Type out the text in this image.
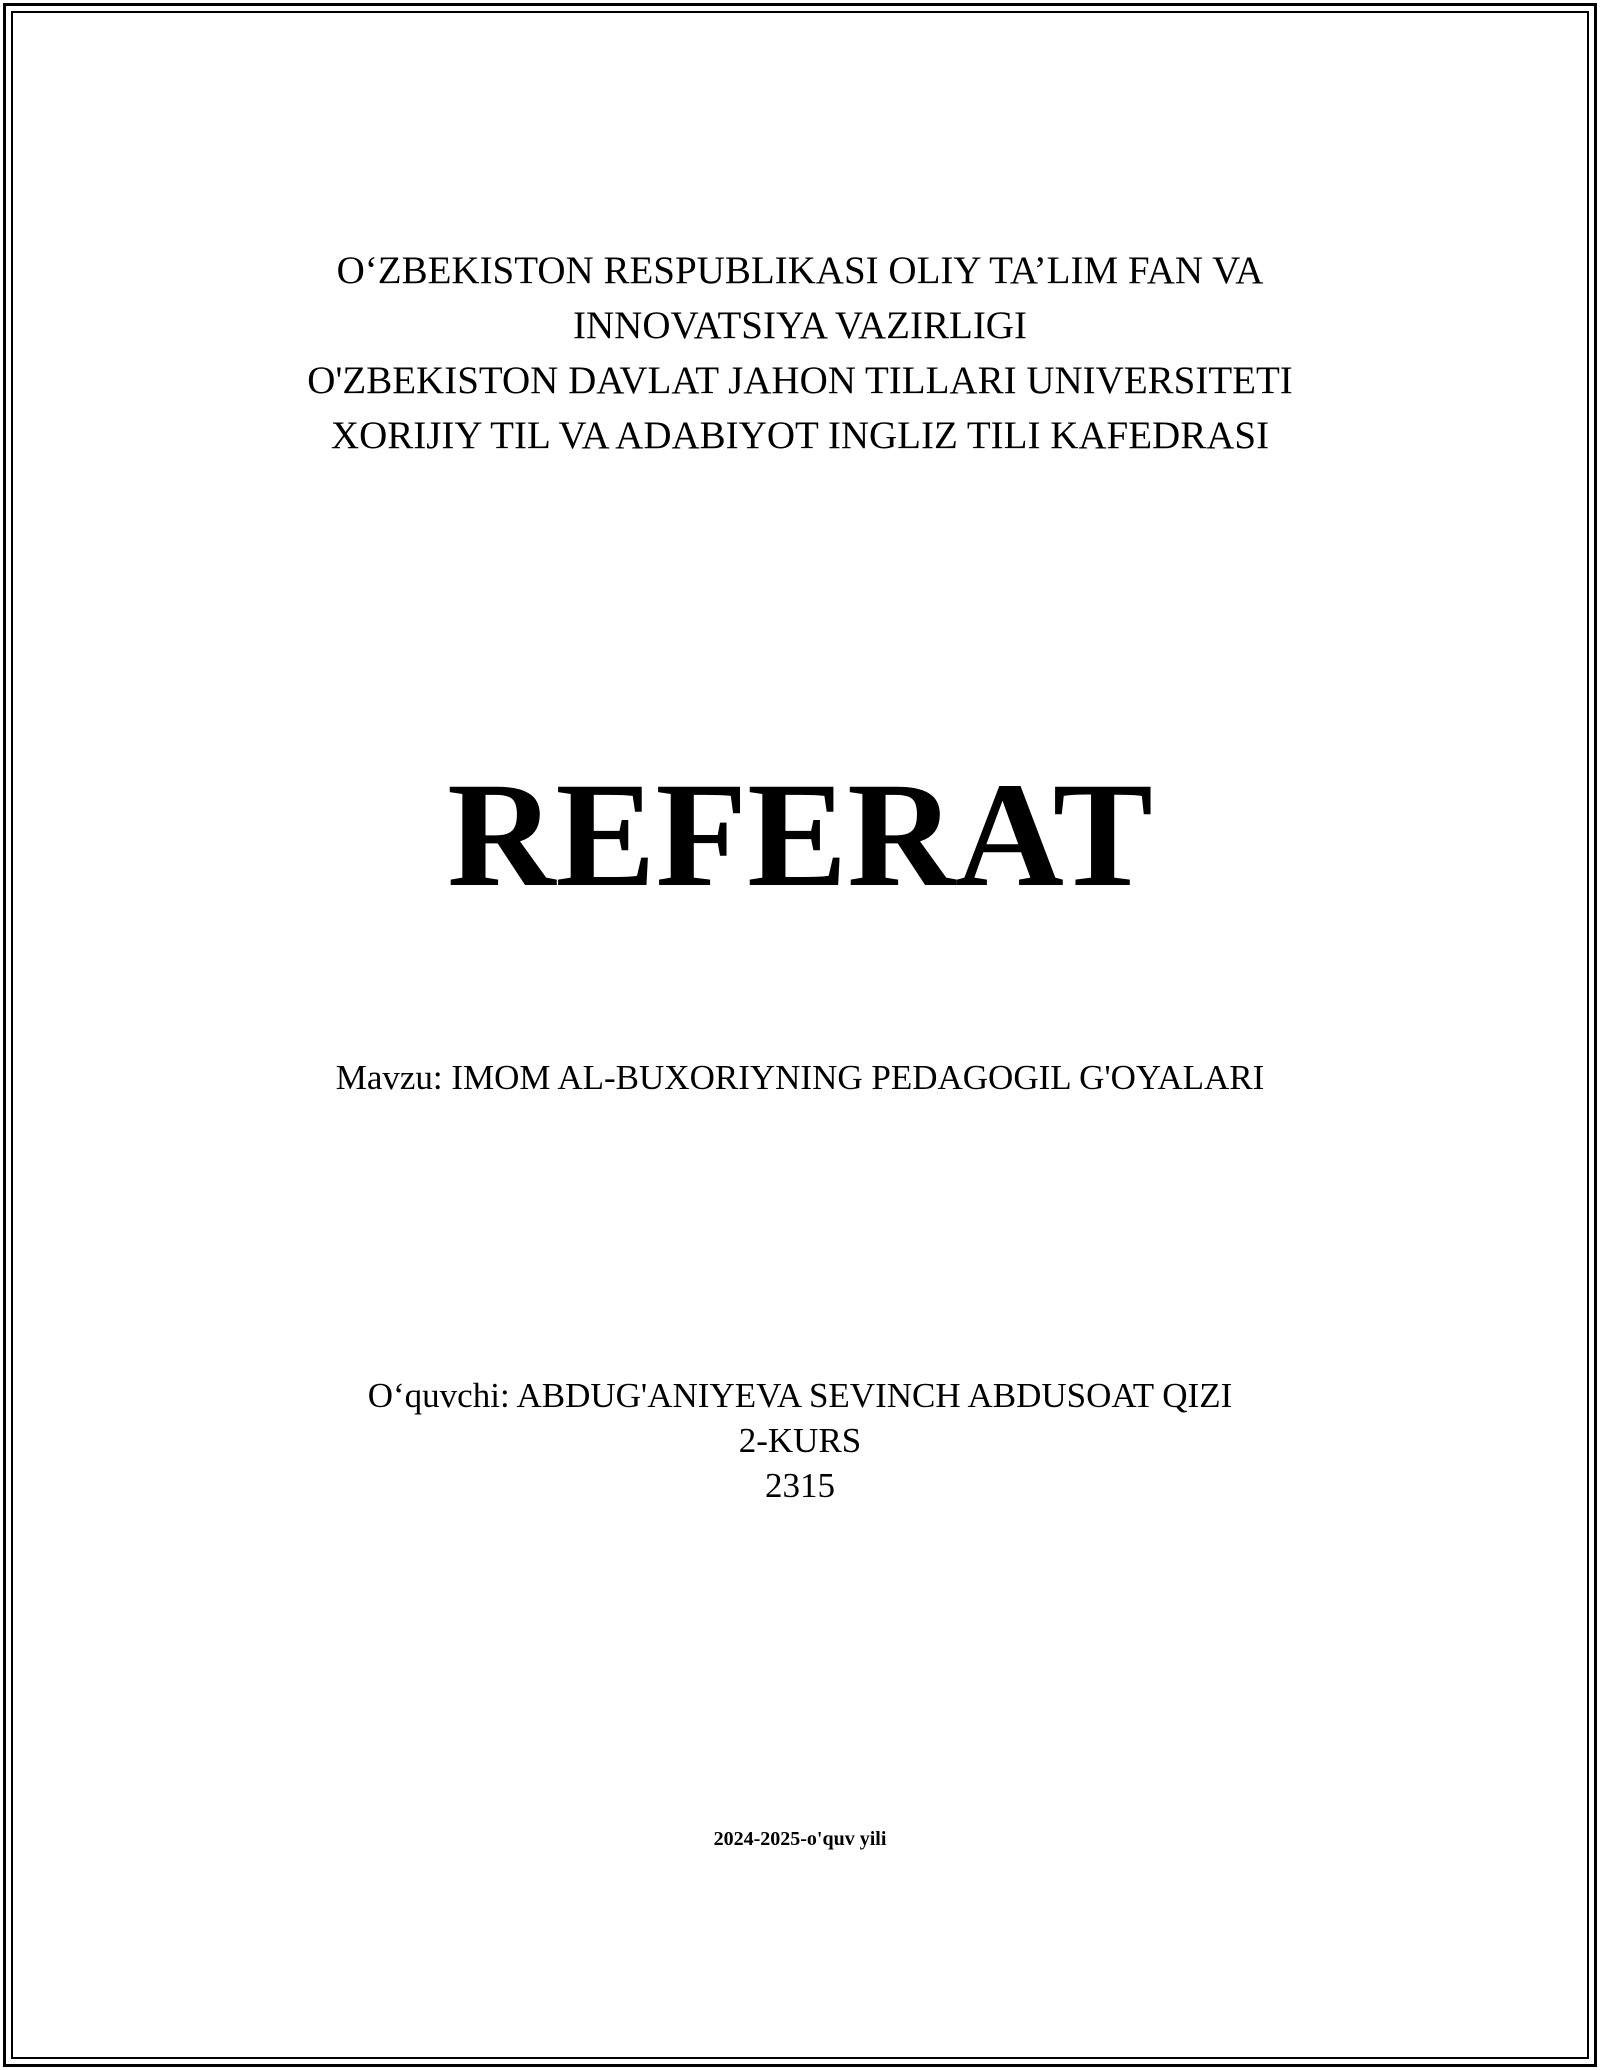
O‘ZBEKISTON RESPUBLIKASI OLIY TA’LIM FAN VA
INNOVATSIYA VAZIRLIGI
O'ZBEKISTON DAVLAT JAHON TILLARI UNIVERSITETI
XORIJIY TIL VA ADABIYOT INGLIZ TILI KAFEDRASI
REFERAT
Mavzu: IMOM AL-BUXORIYNING PEDAGOGIL G'OYALARI
O‘quvchi: ABDUG'ANIYEVA SEVINCH ABDUSOAT QIZI
2-KURS
2315
2024-2025-o'quv yili
